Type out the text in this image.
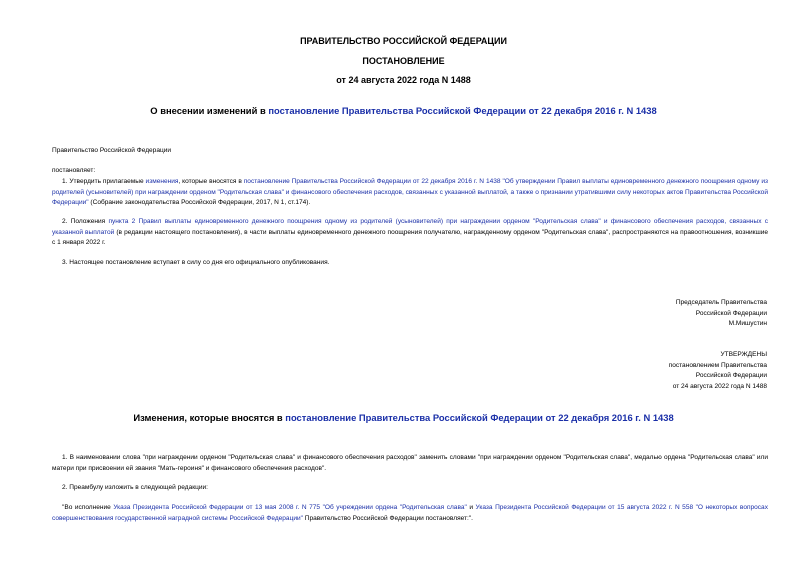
ПРАВИТЕЛЬСТВО РОССИЙСКОЙ ФЕДЕРАЦИИ
ПОСТАНОВЛЕНИЕ
от 24 августа 2022 года N 1488
О внесении изменений в постановление Правительства Российской Федерации от 22 декабря 2016 г. N 1438
Правительство Российской Федерации
постановляет:
1. Утвердить прилагаемые изменения, которые вносятся в постановление Правительства Российской Федерации от 22 декабря 2016 г. N 1438 "Об утверждении Правил выплаты единовременного денежного поощрения одному из родителей (усыновителей) при награждении орденом "Родительская слава" и финансового обеспечения расходов, связанных с указанной выплатой, а также о признании утратившими силу некоторых актов Правительства Российской Федерации" (Собрание законодательства Российской Федерации, 2017, N 1, ст.174).
2. Положения пункта 2 Правил выплаты единовременного денежного поощрения одному из родителей (усыновителей) при награждении орденом "Родительская слава" и финансового обеспечения расходов, связанных с указанной выплатой (в редакции настоящего постановления), в части выплаты единовременного денежного поощрения получателю, награжденному орденом "Родительская слава", распространяются на правоотношения, возникшие с 1 января 2022 г.
3. Настоящее постановление вступает в силу со дня его официального опубликования.
Председатель Правительства
Российской Федерации
М.Мишустин
УТВЕРЖДЕНЫ
постановлением Правительства
Российской Федерации
от 24 августа 2022 года N 1488
Изменения, которые вносятся в постановление Правительства Российской Федерации от 22 декабря 2016 г. N 1438
1. В наименовании слова "при награждении орденом "Родительская слава" и финансового обеспечения расходов" заменить словами "при награждении орденом "Родительская слава", медалью ордена "Родительская слава" или матери при присвоении ей звания "Мать-героиня" и финансового обеспечения расходов".
2. Преамбулу изложить в следующей редакции:
"Во исполнение Указа Президента Российской Федерации от 13 мая 2008 г. N 775 "Об учреждении ордена "Родительская слава" и Указа Президента Российской Федерации от 15 августа 2022 г. N 558 "О некоторых вопросах совершенствования государственной наградной системы Российской Федерации" Правительство Российской Федерации постановляет:".
